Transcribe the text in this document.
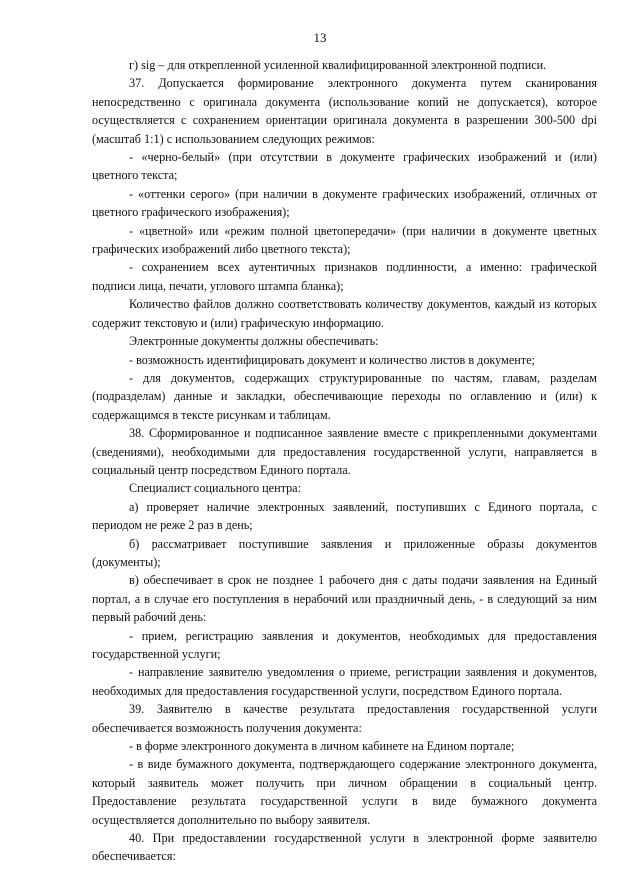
13

г) sig – для открепленной усиленной квалифицированной электронной подписи.

37. Допускается формирование электронного документа путем сканирования непосредственно с оригинала документа (использование копий не допускается), которое осуществляется с сохранением ориентации оригинала документа в разрешении 300-500 dpi (масштаб 1:1) с использованием следующих режимов:

- «черно-белый» (при отсутствии в документе графических изображений и (или) цветного текста;

- «оттенки серого» (при наличии в документе графических изображений, отличных от цветного графического изображения);

- «цветной» или «режим полной цветопередачи» (при наличии в документе цветных графических изображений либо цветного текста);

- сохранением всех аутентичных признаков подлинности, а именно: графической подписи лица, печати, углового штампа бланка);

Количество файлов должно соответствовать количеству документов, каждый из которых содержит текстовую и (или) графическую информацию.

Электронные документы должны обеспечивать:

- возможность идентифицировать документ и количество листов в документе;

- для документов, содержащих структурированные по частям, главам, разделам (подразделам) данные и закладки, обеспечивающие переходы по оглавлению и (или) к содержащимся в тексте рисункам и таблицам.

38. Сформированное и подписанное заявление вместе с прикрепленными документами (сведениями), необходимыми для предоставления государственной услуги, направляется в социальный центр посредством Единого портала.

Специалист социального центра:

а) проверяет наличие электронных заявлений, поступивших с Единого портала, с периодом не реже 2 раз в день;

б) рассматривает поступившие заявления и приложенные образы документов (документы);

в) обеспечивает в срок не позднее 1 рабочего дня с даты подачи заявления на Единый портал, а в случае его поступления в нерабочий или праздничный день, - в следующий за ним первый рабочий день:

- прием, регистрацию заявления и документов, необходимых для предоставления государственной услуги;

- направление заявителю уведомления о приеме, регистрации заявления и документов, необходимых для предоставления государственной услуги, посредством Единого портала.

39. Заявителю в качестве результата предоставления государственной услуги обеспечивается возможность получения документа:

- в форме электронного документа в личном кабинете на Едином портале;

- в виде бумажного документа, подтверждающего содержание электронного документа, который заявитель может получить при личном обращении в социальный центр. Предоставление результата государственной услуги в виде бумажного документа осуществляется дополнительно по выбору заявителя.

40. При предоставлении государственной услуги в электронной форме заявителю обеспечивается:
